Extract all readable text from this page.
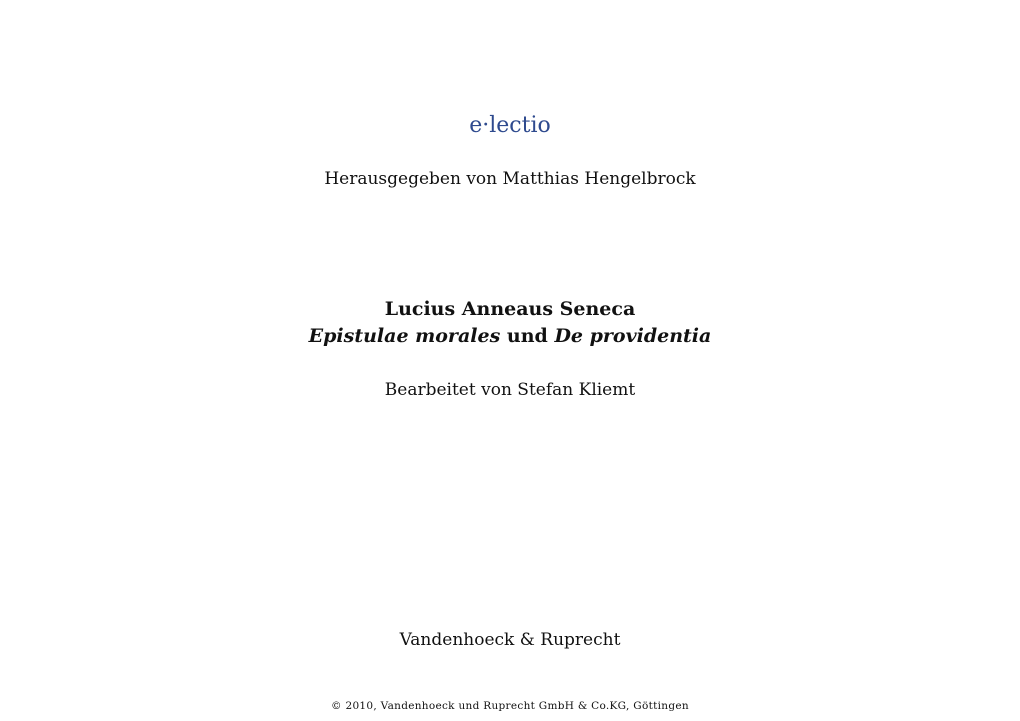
e·lectio
Herausgegeben von Matthias Hengelbrock
Lucius Anneaus Seneca
Epistulae morales und De providentia
Bearbeitet von Stefan Kliemt
Vandenhoeck & Ruprecht
© 2010, Vandenhoeck und Ruprecht GmbH & Co.KG, Göttingen
